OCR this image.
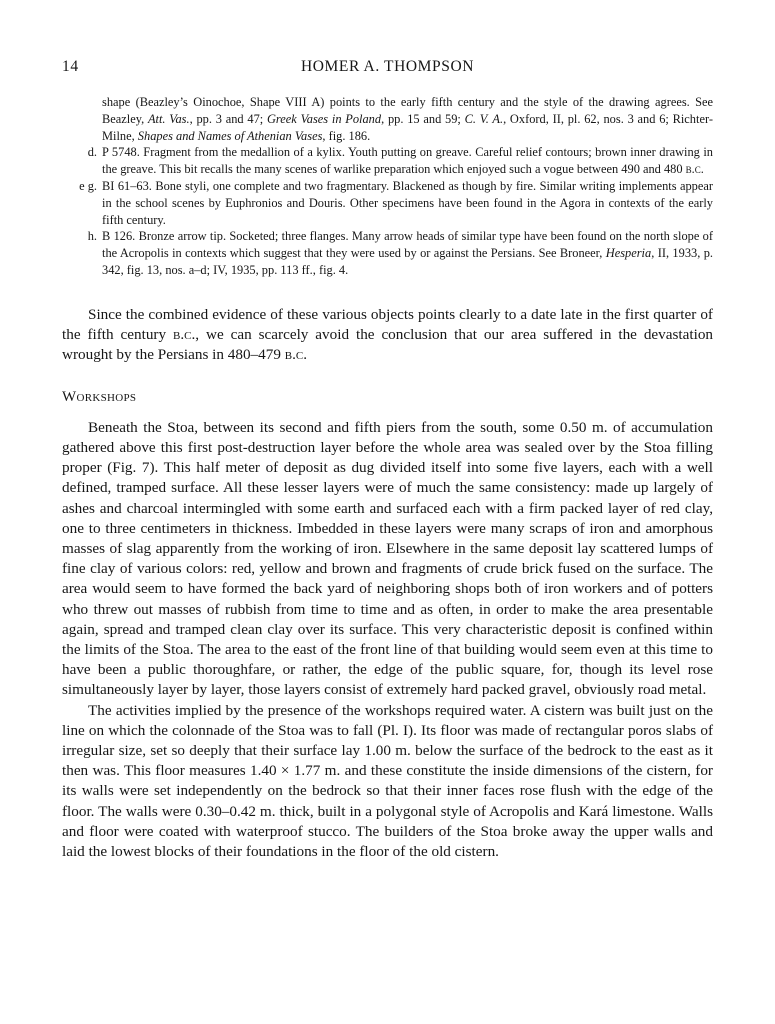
14	HOMER A. THOMPSON
shape (Beazley’s Oinochoe, Shape VIII A) points to the early fifth century and the style of the drawing agrees. See Beazley, Att. Vas., pp. 3 and 47; Greek Vases in Poland, pp. 15 and 59; C. V. A., Oxford, II, pl. 62, nos. 3 and 6; Richter-Milne, Shapes and Names of Athenian Vases, fig. 186.
d. P 5748. Fragment from the medallion of a kylix. Youth putting on greave. Careful relief contours; brown inner drawing in the greave. This bit recalls the many scenes of warlike preparation which enjoyed such a vogue between 490 and 480 b.c.
e g. BI 61–63. Bone styli, one complete and two fragmentary. Blackened as though by fire. Similar writing implements appear in the school scenes by Euphronios and Douris. Other specimens have been found in the Agora in contexts of the early fifth century.
h. B 126. Bronze arrow tip. Socketed; three flanges. Many arrow heads of similar type have been found on the north slope of the Acropolis in contexts which suggest that they were used by or against the Persians. See Broneer, Hesperia, II, 1933, p. 342, fig. 13, nos. a–d; IV, 1935, pp. 113 ff., fig. 4.

Since the combined evidence of these various objects points clearly to a date late in the first quarter of the fifth century b.c., we can scarcely avoid the conclusion that our area suffered in the devastation wrought by the Persians in 480–479 b.c.

Workshops

Beneath the Stoa, between its second and fifth piers from the south, some 0.50 m. of accumulation gathered above this first post-destruction layer before the whole area was sealed over by the Stoa filling proper (Fig. 7). This half meter of deposit as dug divided itself into some five layers, each with a well defined, tramped surface. All these lesser layers were of much the same consistency: made up largely of ashes and charcoal intermingled with some earth and surfaced each with a firm packed layer of red clay, one to three centimeters in thickness. Imbedded in these layers were many scraps of iron and amorphous masses of slag apparently from the working of iron. Elsewhere in the same deposit lay scattered lumps of fine clay of various colors: red, yellow and brown and fragments of crude brick fused on the surface. The area would seem to have formed the back yard of neighboring shops both of iron workers and of potters who threw out masses of rubbish from time to time and as often, in order to make the area presentable again, spread and tramped clean clay over its surface. This very characteristic deposit is confined within the limits of the Stoa. The area to the east of the front line of that building would seem even at this time to have been a public thoroughfare, or rather, the edge of the public square, for, though its level rose simultaneously layer by layer, those layers consist of extremely hard packed gravel, obviously road metal.

The activities implied by the presence of the workshops required water. A cistern was built just on the line on which the colonnade of the Stoa was to fall (Pl. I). Its floor was made of rectangular poros slabs of irregular size, set so deeply that their surface lay 1.00 m. below the surface of the bedrock to the east as it then was. This floor measures 1.40 × 1.77 m. and these constitute the inside dimensions of the cistern, for its walls were set independently on the bedrock so that their inner faces rose flush with the edge of the floor. The walls were 0.30–0.42 m. thick, built in a polygonal style of Acropolis and Kará limestone. Walls and floor were coated with waterproof stucco. The builders of the Stoa broke away the upper walls and laid the lowest blocks of their foundations in the floor of the old cistern.
